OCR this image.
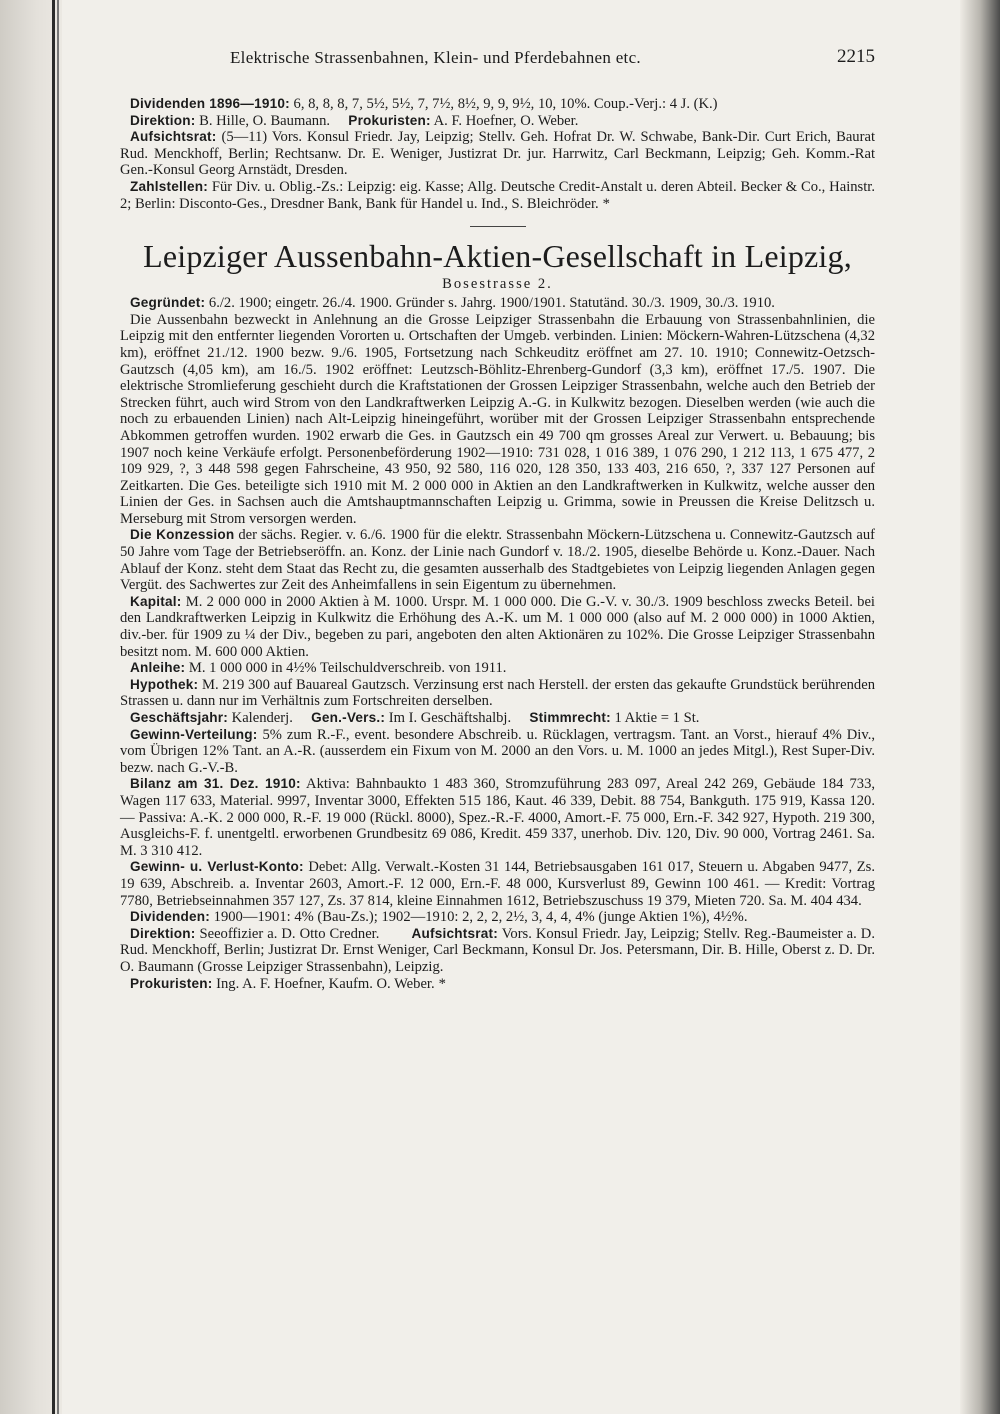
Elektrische Strassenbahnen, Klein- und Pferdebahnen etc.	2215

Dividenden 1896—1910: 6, 8, 8, 8, 7, 5½, 5½, 7, 7½, 8½, 9, 9, 9½, 10, 10%. Coup.-Verj.: 4 J. (K.)

Direktion: B. Hille, O. Baumann. Prokuristen: A. F. Hoefner, O. Weber.

Aufsichtsrat: (5—11) Vors. Konsul Friedr. Jay, Leipzig; Stellv. Geh. Hofrat Dr. W. Schwabe, Bank-Dir. Curt Erich, Baurat Rud. Menckhoff, Berlin; Rechtsanw. Dr. E. Weniger, Justizrat Dr. jur. Harrwitz, Carl Beckmann, Leipzig; Geh. Komm.-Rat Gen.-Konsul Georg Arnstädt, Dresden.

Zahlstellen: Für Div. u. Oblig.-Zs.: Leipzig: eig. Kasse; Allg. Deutsche Credit-Anstalt u. deren Abteil. Becker & Co., Hainstr. 2; Berlin: Disconto-Ges., Dresdner Bank, Bank für Handel u. Ind., S. Bleichröder. *

Leipziger Aussenbahn-Aktien-Gesellschaft in Leipzig,
Bosestrasse 2.

Gegründet: 6./2. 1900; eingetr. 26./4. 1900. Gründer s. Jahrg. 1900/1901. Statutänd. 30./3. 1909, 30./3. 1910.

Die Aussenbahn bezweckt in Anlehnung an die Grosse Leipziger Strassenbahn die Erbauung von Strassenbahnlinien, die Leipzig mit den entfernter liegenden Vororten u. Ortschaften der Umgeb. verbinden. Linien: Möckern-Wahren-Lützschena (4,32 km), eröffnet 21./12. 1900 bezw. 9./6. 1905, Fortsetzung nach Schkeuditz eröffnet am 27. 10. 1910; Connewitz-Oetzsch-Gautzsch (4,05 km), am 16./5. 1902 eröffnet: Leutzsch-Böhlitz-Ehrenberg-Gundorf (3,3 km), eröffnet 17./5. 1907. Die elektrische Stromlieferung geschieht durch die Kraftstationen der Grossen Leipziger Strassenbahn, welche auch den Betrieb der Strecken führt, auch wird Strom von den Landkraftwerken Leipzig A.-G. in Kulkwitz bezogen. Dieselben werden (wie auch die noch zu erbauenden Linien) nach Alt-Leipzig hineingeführt, worüber mit der Grossen Leipziger Strassenbahn entsprechende Abkommen getroffen wurden. 1902 erwarb die Ges. in Gautzsch ein 49 700 qm grosses Areal zur Verwert. u. Bebauung; bis 1907 noch keine Verkäufe erfolgt. Personenbeförderung 1902—1910: 731 028, 1 016 389, 1 076 290, 1 212 113, 1 675 477, 2 109 929, ?, 3 448 598 gegen Fahrscheine, 43 950, 92 580, 116 020, 128 350, 133 403, 216 650, ?, 337 127 Personen auf Zeitkarten. Die Ges. beteiligte sich 1910 mit M. 2 000 000 in Aktien an den Landkraftwerken in Kulkwitz, welche ausser den Linien der Ges. in Sachsen auch die Amtshauptmannschaften Leipzig u. Grimma, sowie in Preussen die Kreise Delitzsch u. Merseburg mit Strom versorgen werden.

Die Konzession der sächs. Regier. v. 6./6. 1900 für die elektr. Strassenbahn Möckern-Lützschena u. Connewitz-Gautzsch auf 50 Jahre vom Tage der Betriebseröffn. an. Konz. der Linie nach Gundorf v. 18./2. 1905, dieselbe Behörde u. Konz.-Dauer. Nach Ablauf der Konz. steht dem Staat das Recht zu, die gesamten ausserhalb des Stadtgebietes von Leipzig liegenden Anlagen gegen Vergüt. des Sachwertes zur Zeit des Anheimfallens in sein Eigentum zu übernehmen.

Kapital: M. 2 000 000 in 2000 Aktien à M. 1000. Urspr. M. 1 000 000. Die G.-V. v. 30./3. 1909 beschloss zwecks Beteil. bei den Landkraftwerken Leipzig in Kulkwitz die Erhöhung des A.-K. um M. 1 000 000 (also auf M. 2 000 000) in 1000 Aktien, div.-ber. für 1909 zu ¼ der Div., begeben zu pari, angeboten den alten Aktionären zu 102%. Die Grosse Leipziger Strassenbahn besitzt nom. M. 600 000 Aktien.

Anleihe: M. 1 000 000 in 4½% Teilschuldverschreib. von 1911.

Hypothek: M. 219 300 auf Bauareal Gautzsch. Verzinsung erst nach Herstell. der ersten das gekaufte Grundstück berührenden Strassen u. dann nur im Verhältnis zum Fortschreiten derselben.

Geschäftsjahr: Kalenderj. Gen.-Vers.: Im I. Geschäftshalbj. Stimmrecht: 1 Aktie = 1 St.

Gewinn-Verteilung: 5% zum R.-F., event. besondere Abschreib. u. Rücklagen, vertragsm. Tant. an Vorst., hierauf 4% Div., vom Übrigen 12% Tant. an A.-R. (ausserdem ein Fixum von M. 2000 an den Vors. u. M. 1000 an jedes Mitgl.), Rest Super-Div. bezw. nach G.-V.-B.

Bilanz am 31. Dez. 1910: Aktiva: Bahnbaukto 1 483 360, Stromzuführung 283 097, Areal 242 269, Gebäude 184 733, Wagen 117 633, Material. 9997, Inventar 3000, Effekten 515 186, Kaut. 46 339, Debit. 88 754, Bankguth. 175 919, Kassa 120. — Passiva: A.-K. 2 000 000, R.-F. 19 000 (Rückl. 8000), Spez.-R.-F. 4000, Amort.-F. 75 000, Ern.-F. 342 927, Hypoth. 219 300, Ausgleichs-F. f. unentgeltl. erworbenen Grundbesitz 69 086, Kredit. 459 337, unerhob. Div. 120, Div. 90 000, Vortrag 2461. Sa. M. 3 310 412.

Gewinn- u. Verlust-Konto: Debet: Allg. Verwalt.-Kosten 31 144, Betriebsausgaben 161 017, Steuern u. Abgaben 9477, Zs. 19 639, Abschreib. a. Inventar 2603, Amort.-F. 12 000, Ern.-F. 48 000, Kursverlust 89, Gewinn 100 461. — Kredit: Vortrag 7780, Betriebseinnahmen 357 127, Zs. 37 814, kleine Einnahmen 1612, Betriebszuschuss 19 379, Mieten 720. Sa. M. 404 434.

Dividenden: 1900—1901: 4% (Bau-Zs.); 1902—1910: 2, 2, 2, 2½, 3, 4, 4, 4% (junge Aktien 1%), 4½%.

Direktion: Seeoffizier a. D. Otto Credner. Aufsichtsrat: Vors. Konsul Friedr. Jay, Leipzig; Stellv. Reg.-Baumeister a. D. Rud. Menckhoff, Berlin; Justizrat Dr. Ernst Weniger, Carl Beckmann, Konsul Dr. Jos. Petersmann, Dir. B. Hille, Oberst z. D. Dr. O. Baumann (Grosse Leipziger Strassenbahn), Leipzig.

Prokuristen: Ing. A. F. Hoefner, Kaufm. O. Weber. *
